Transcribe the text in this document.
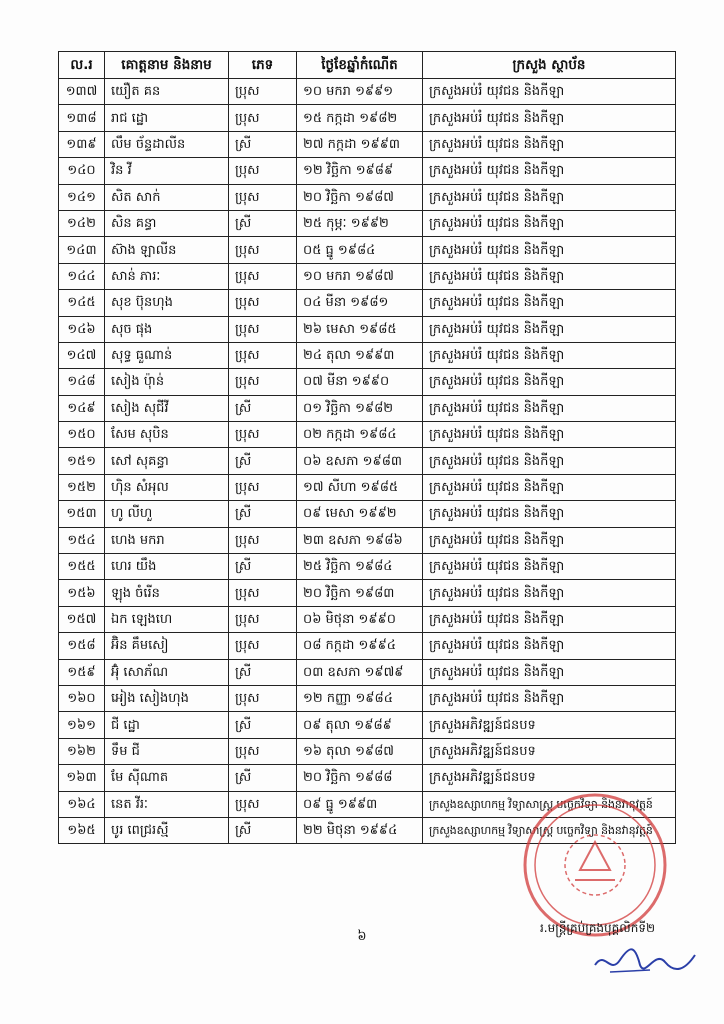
ល.រ	គោត្តនាម និងនាម	ភេទ	ថ្ងៃខែឆ្នាំកំណើត	ក្រសួង ស្ថាប័ន
១៣៧	យឿត គន	ប្រុស	១០ មករា ១៩៩១	ក្រសួងអប់រំ យុវជន និងកីឡា
១៣៨	រាជ ដ្ឋោ	ប្រុស	១៥ កក្កដា ១៩៨២	ក្រសួងអប់រំ យុវជន និងកីឡា
១៣៩	លឹម ច័ន្ទដាលីន	ស្រី	២៧ កក្កដា ១៩៩៣	ក្រសួងអប់រំ យុវជន និងកីឡា
១៤០	វិន វី	ប្រុស	១២ វិច្ឆិកា ១៩៨៩	ក្រសួងអប់រំ យុវជន និងកីឡា
១៤១	សិត សាក់	ប្រុស	២០ វិច្ឆិកា ១៩៨៧	ក្រសួងអប់រំ យុវជន និងកីឡា
១៤២	សិន គន្ធា	ស្រី	២៥ កុម្ភៈ ១៩៩២	ក្រសួងអប់រំ យុវជន និងកីឡា
១៤៣	ស៊ាង ឡាលីន	ប្រុស	០៥ ធ្នូ ១៩៨៤	ក្រសួងអប់រំ យុវជន និងកីឡា
១៤៤	សាន់ ភារៈ	ប្រុស	១០ មករា ១៩៨៧	ក្រសួងអប់រំ យុវជន និងកីឡា
១៤៥	សុខ ប៊ុនហុង	ប្រុស	០៤ មីនា ១៩៨១	ក្រសួងអប់រំ យុវជន និងកីឡា
១៤៦	សុច ផុង	ប្រុស	២៦ មេសា ១៩៨៥	ក្រសួងអប់រំ យុវជន និងកីឡា
១៤៧	សុទ្ធ ធួណាន់	ប្រុស	២៤ តុលា ១៩៩៣	ក្រសួងអប់រំ យុវជន និងកីឡា
១៤៨	សៀង ប៉ុាន់	ប្រុស	០៧ មីនា ១៩៩០	ក្រសួងអប់រំ យុវជន និងកីឡា
១៤៩	សៀង សុជីវី	ស្រី	០១ វិច្ឆិកា ១៩៨២	ក្រសួងអប់រំ យុវជន និងកីឡា
១៥០	សែម សុបិន	ប្រុស	០២ កក្កដា ១៩៨៤	ក្រសួងអប់រំ យុវជន និងកីឡា
១៥១	សៅ សុគន្ធា	ស្រី	០៦ ឧសភា ១៩៨៣	ក្រសួងអប់រំ យុវជន និងកីឡា
១៥២	ហ៊ិន សំអុល	ប្រុស	១៧ សីហា ១៩៨៥	ក្រសួងអប់រំ យុវជន និងកីឡា
១៥៣	ហូ លីហួ	ស្រី	០៩ មេសា ១៩៩២	ក្រសួងអប់រំ យុវជន និងកីឡា
១៥៤	ហេង មករា	ប្រុស	២៣ ឧសភា ១៩៨៦	ក្រសួងអប់រំ យុវជន និងកីឡា
១៥៥	ហេរ យឹង	ស្រី	២៥ វិច្ឆិកា ១៩៨៤	ក្រសួងអប់រំ យុវជន និងកីឡា
១៥៦	ឡុង ចំរើន	ប្រុស	២០ វិច្ឆិកា ១៩៨៣	ក្រសួងអប់រំ យុវជន និងកីឡា
១៥៧	ឯក ឡេងហេ	ប្រុស	០៦ មិថុនា ១៩៩០	ក្រសួងអប់រំ យុវជន និងកីឡា
១៥៨	អ៊ិន គឹមសៀ	ប្រុស	០៨ កក្កដា ១៩៩៤	ក្រសួងអប់រំ យុវជន និងកីឡា
១៥៩	អ៊ុំ សោភ័ណ	ស្រី	០៣ ឧសភា ១៩៧៩	ក្រសួងអប់រំ យុវជន និងកីឡា
១៦០	អៀង សៀងហុង	ប្រុស	១២ កញ្ញា ១៩៨៤	ក្រសួងអប់រំ យុវជន និងកីឡា
១៦១	ជី ដ្ឋោ	ស្រី	០៩ តុលា ១៩៨៩	ក្រសួងអភិវឌ្ឍន៍ជនបទ
១៦២	ទឹម ជី	ប្រុស	១៦ តុលា ១៩៨៧	ក្រសួងអភិវឌ្ឍន៍ជនបទ
១៦៣	មែ ស៊ីណាត	ស្រី	២០ វិច្ឆិកា ១៩៨៨	ក្រសួងអភិវឌ្ឍន៍ជនបទ
១៦៤	នេត វីរៈ	ប្រុស	០៩ ធ្នូ ១៩៩៣	ក្រសួងឧស្សាហកម្ម វិទ្យាសាស្ត្រ បច្ចេកវិទ្យា និងនវានុវត្តន៍
១៦៥	បូរ ពេជ្ររស្មី	ស្រី	២២ មិថុនា ១៩៩៤	ក្រសួងឧស្សាហកម្ម វិទ្យាសាស្ត្រ បច្ចេកវិទ្យា និងនវានុវត្តន៍
រ.មន្ត្រីគ្រប់គ្រងបុគ្គលិកទី២
៦
